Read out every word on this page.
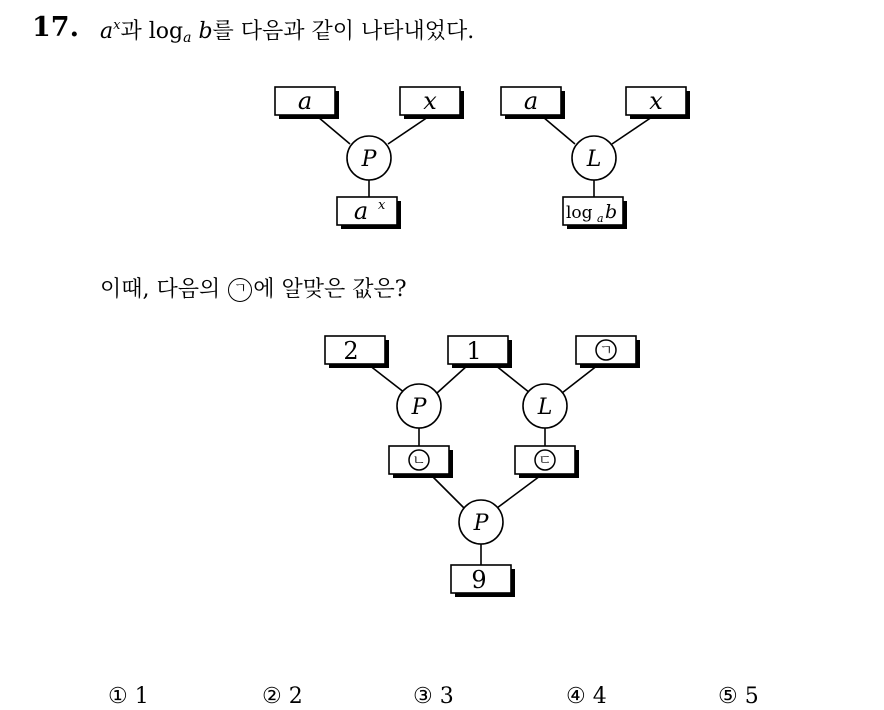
17. $a^x$과 loga b를 다음과 같이 나타내었다.
a	x
P
a x
a	x
L
log a b
2	1	ㄱ
P	L
ㄴ	ㄷ
P
9
이때, 다음의 ㄱ 에 알맞은 값은?
① 1	② 2	③ 3	④ 4	⑤ 5
